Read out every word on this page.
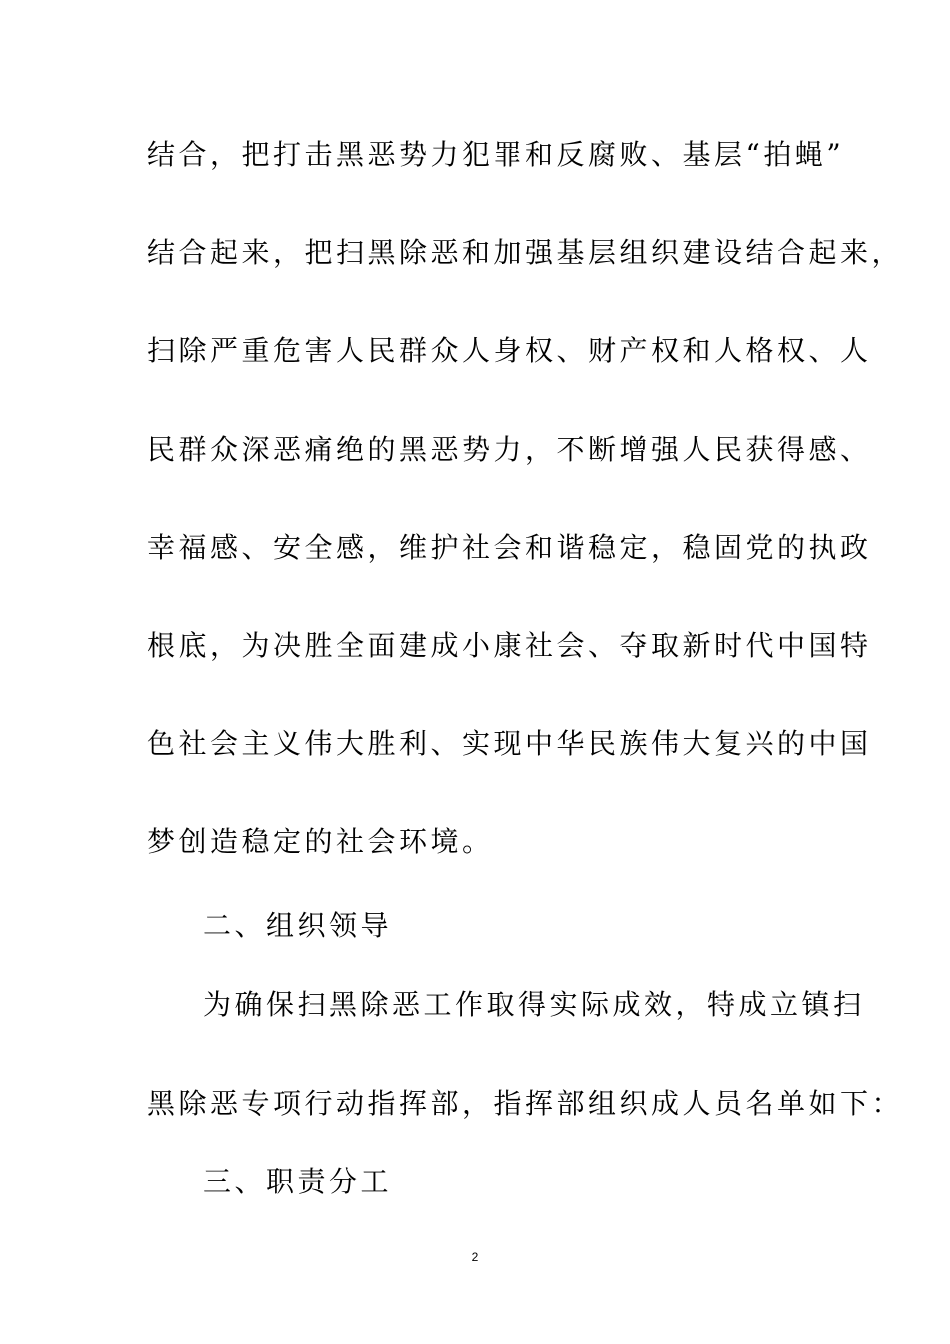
结合，把打击黑恶势力犯罪和反腐败、基层“拍蝇”
结合起来，把扫黑除恶和加强基层组织建设结合起来，
扫除严重危害人民群众人身权、财产权和人格权、人
民群众深恶痛绝的黑恶势力，不断增强人民获得感、
幸福感、安全感，维护社会和谐稳定，稳固党的执政
根底，为决胜全面建成小康社会、夺取新时代中国特
色社会主义伟大胜利、实现中华民族伟大复兴的中国
梦创造稳定的社会环境。
二、组织领导
为确保扫黑除恶工作取得实际成效，特成立镇扫
黑除恶专项行动指挥部，指挥部组织成人员名单如下：
三、职责分工
2
